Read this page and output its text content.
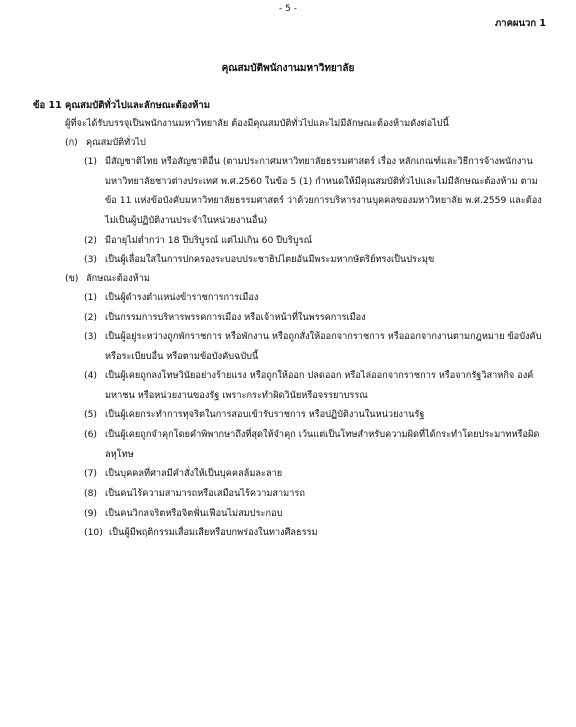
- 5 -
ภาคผนวก 1
คุณสมบัติพนักงานมหาวิทยาลัย
ข้อ 11 คุณสมบัติทั่วไปและลักษณะต้องห้าม
ผู้ที่จะได้รับบรรจุเป็นพนักงานมหาวิทยาลัย ต้องมีคุณสมบัติทั่วไปและไม่มีลักษณะต้องห้ามดังต่อไปนี้
(ก) คุณสมบัติทั่วไป
(1) มีสัญชาติไทย หรือสัญชาติอื่น (ตามประกาศมหาวิทยาลัยธรรมศาสตร์ เรื่อง หลักเกณฑ์และวิธีการจ้างพนักงานมหาวิทยาลัยชาวต่างประเทศ พ.ศ.2560 ในข้อ 5 (1) กำหนดให้มีคุณสมบัติทั่วไปและไม่มีลักษณะต้องห้าม ตามข้อ 11 แห่งข้อบังคับมหาวิทยาลัยธรรมศาสตร์ ว่าด้วยการบริหารงานบุคคลของมหาวิทยาลัย พ.ศ.2559 และต้องไม่เป็นผู้ปฏิบัติงานประจำในหน่วยงานอื่น)
(2) มีอายุไม่ต่ำกว่า 18 ปีบริบูรณ์ แต่ไม่เกิน 60 ปีบริบูรณ์
(3) เป็นผู้เลื่อมใสในการปกครองระบอบประชาธิปไตยอันมีพระมหากษัตริย์ทรงเป็นประมุข
(ข) ลักษณะต้องห้าม
(1) เป็นผู้ดำรงตำแหน่งข้าราชการการเมือง
(2) เป็นกรรมการบริหารพรรคการเมือง หรือเจ้าหน้าที่ในพรรคการเมือง
(3) เป็นผู้อยู่ระหว่างถูกพักราชการ หรือพักงาน หรือถูกสั่งให้ออกจากราชการ หรือออกจากงานตามกฎหมาย ข้อบังคับ หรือระเบียบอื่น หรือตามข้อบังคับฉบับนี้
(4) เป็นผู้เคยถูกลงโทษวินัยอย่างร้ายแรง หรือถูกให้ออก ปลดออก หรือไล่ออกจากราชการ หรือจากรัฐวิสาหกิจ องค์มหาชน หรือหน่วยงานของรัฐ เพราะกระทำผิดวินัยหรือจรรยาบรรณ
(5) เป็นผู้เคยกระทำการทุจริตในการสอบเข้ารับราชการ หรือปฏิบัติงานในหน่วยงานรัฐ
(6) เป็นผู้เคยถูกจำคุกโดยคำพิพากษาถึงที่สุดให้จำคุก เว้นแต่เป็นโทษสำหรับความผิดที่ได้กระทำโดยประมาทหรือผิดลหุโทษ
(7) เป็นบุคคลที่ศาลมีคำสั่งให้เป็นบุคคลล้มละลาย
(8) เป็นคนไร้ความสามารถหรือเสมือนไร้ความสามารถ
(9) เป็นคนวิกลจริตหรือจิตฟั่นเฟือนไม่สมประกอบ
(10) เป็นผู้มีพฤติกรรมเสื่อมเสียหรือบกพร่องในทางศีลธรรม
